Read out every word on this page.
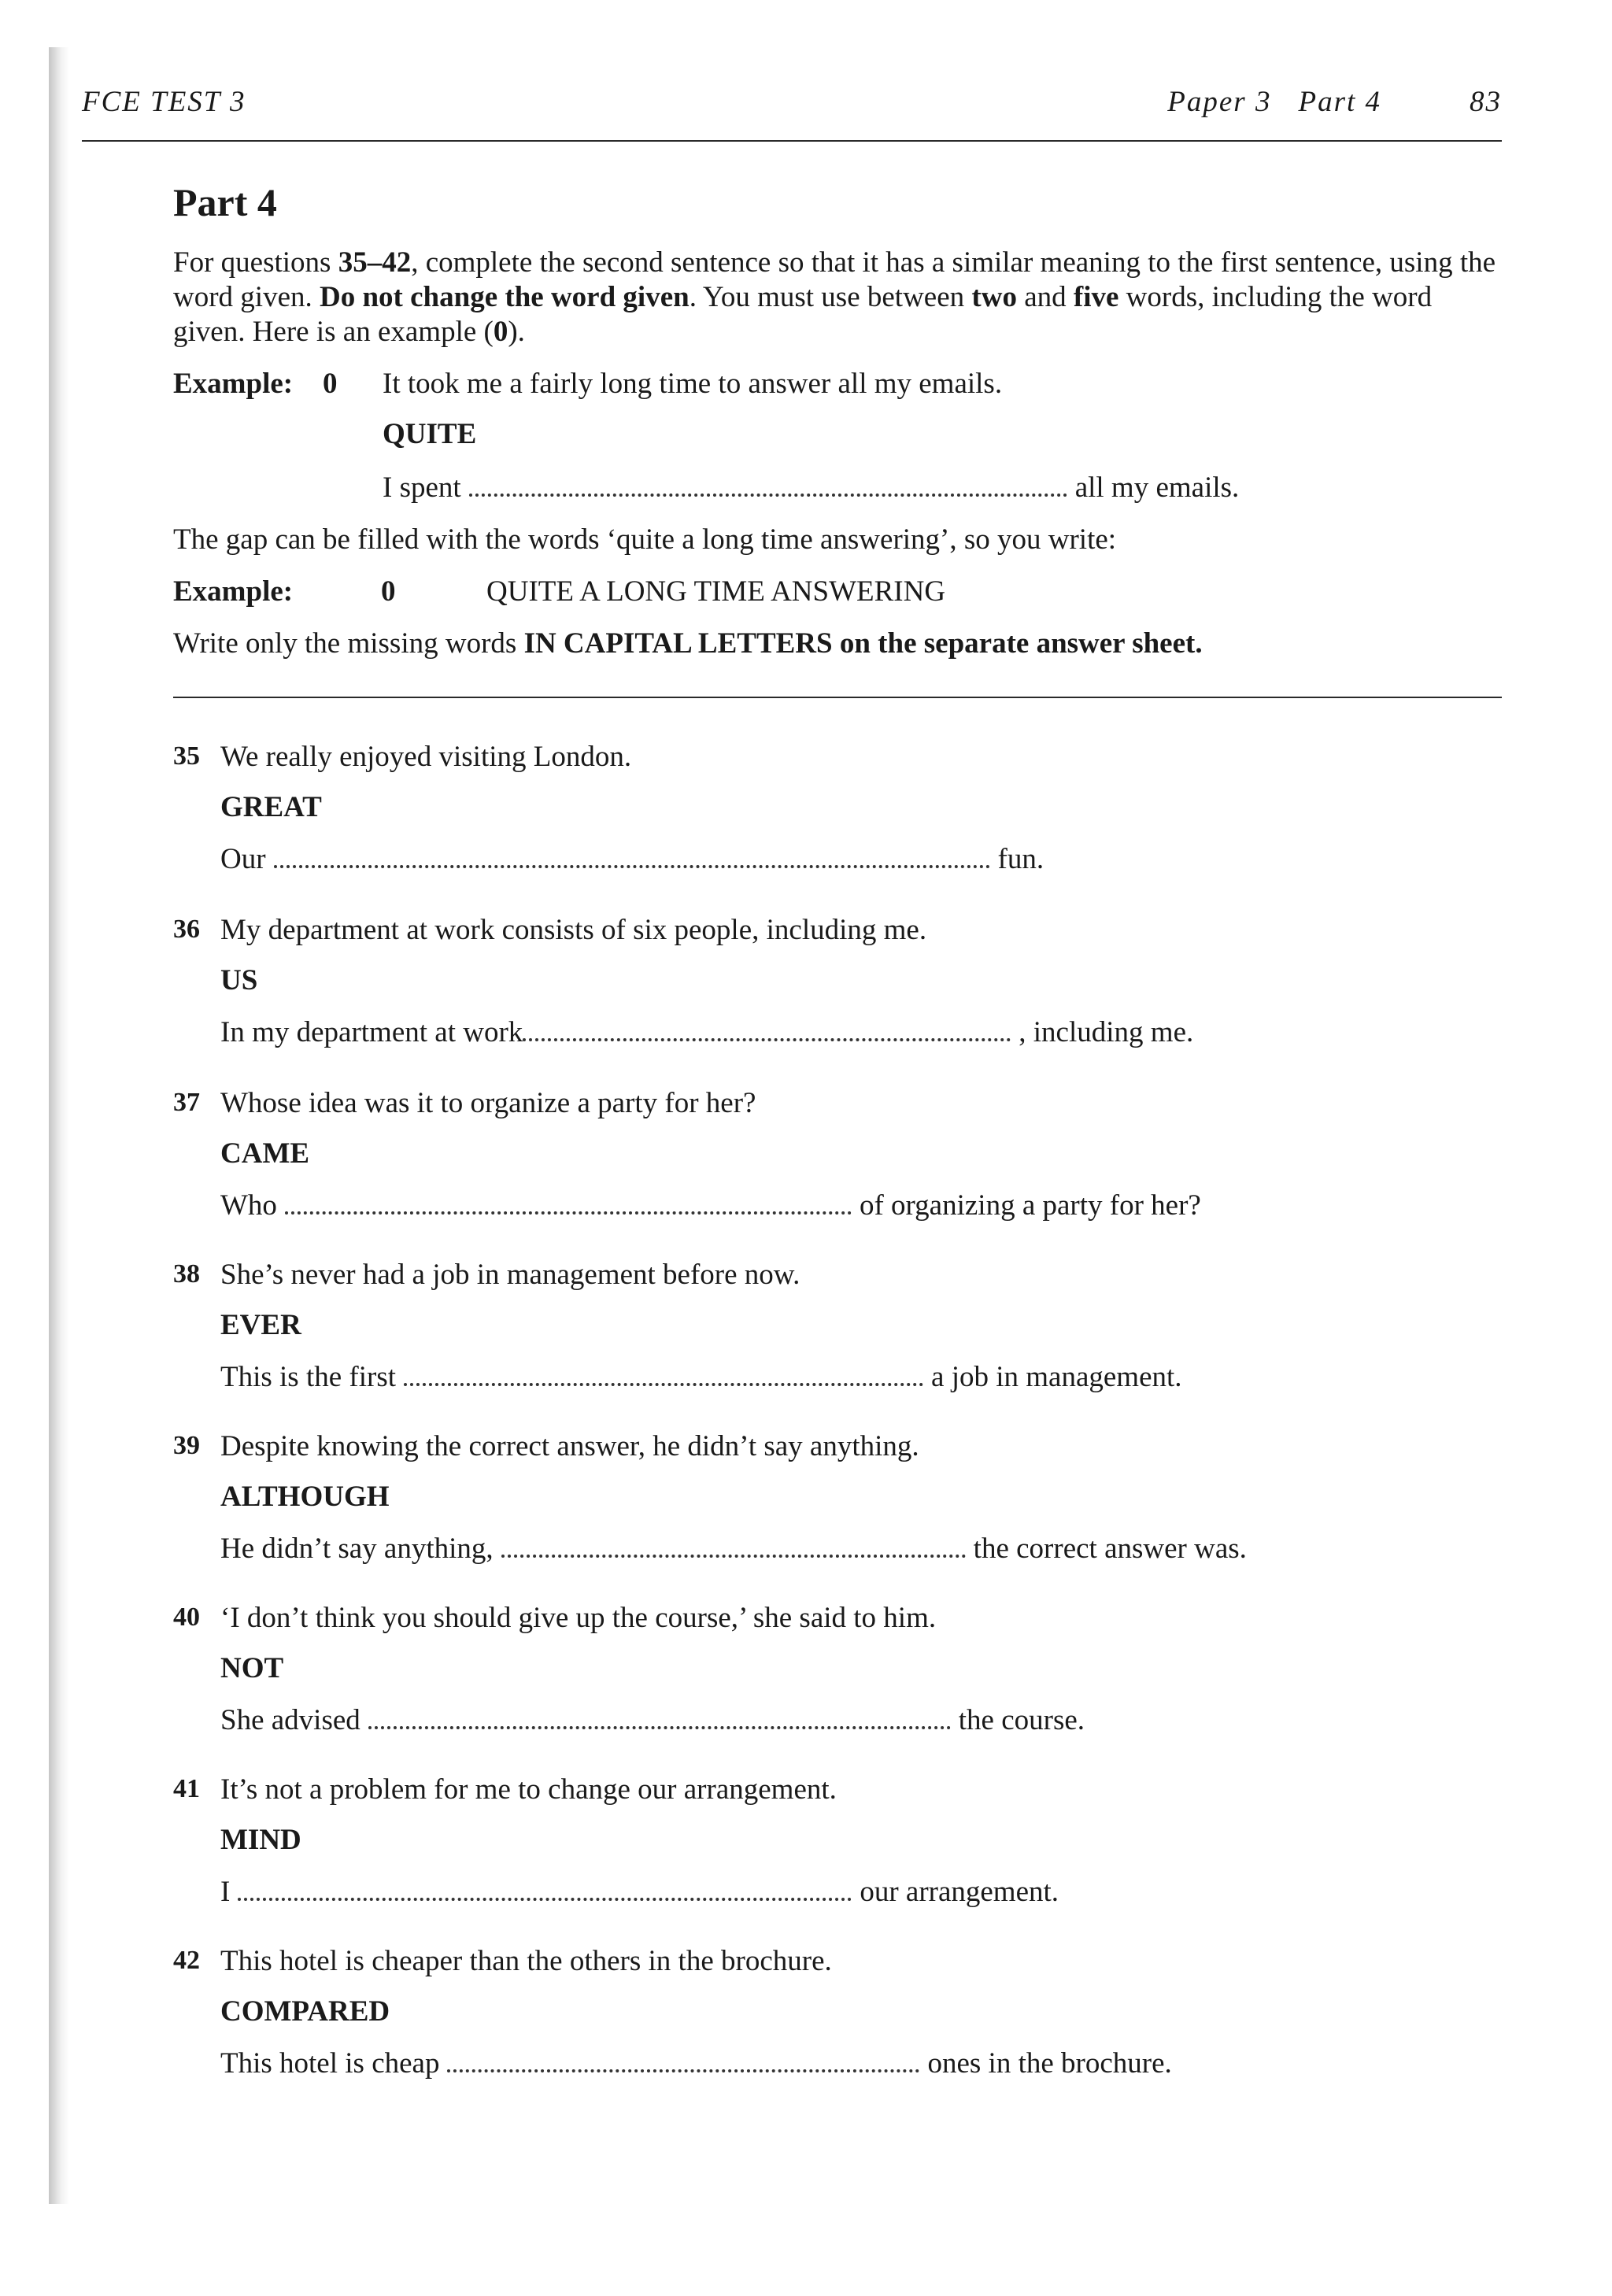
FCE TEST 3	Paper 3 Part 4	83
Part 4
For questions 35–42, complete the second sentence so that it has a similar meaning to the first sentence, using the word given. Do not change the word given. You must use between two and five words, including the word given. Here is an example (0).
Example: 0 It took me a fairly long time to answer all my emails.
QUITE
I spent	all my emails.
The gap can be filled with the words ‘quite a long time answering’, so you write:
Example:	0	QUITE A LONG TIME ANSWERING
Write only the missing words IN CAPITAL LETTERS on the separate answer sheet.
35 We really enjoyed visiting London.
GREAT
Our	fun.
36 My department at work consists of six people, including me.
US
In my department at work	, including me.
37 Whose idea was it to organize a party for her?
CAME
Who	of organizing a party for her?
38 She’s never had a job in management before now.
EVER
This is the first	a job in management.
39 Despite knowing the correct answer, he didn’t say anything.
ALTHOUGH
He didn’t say anything,	the correct answer was.
40 ‘I don’t think you should give up the course,’ she said to him.
NOT
She advised	the course.
41 It’s not a problem for me to change our arrangement.
MIND
I	our arrangement.
42 This hotel is cheaper than the others in the brochure.
COMPARED
This hotel is cheap	ones in the brochure.
